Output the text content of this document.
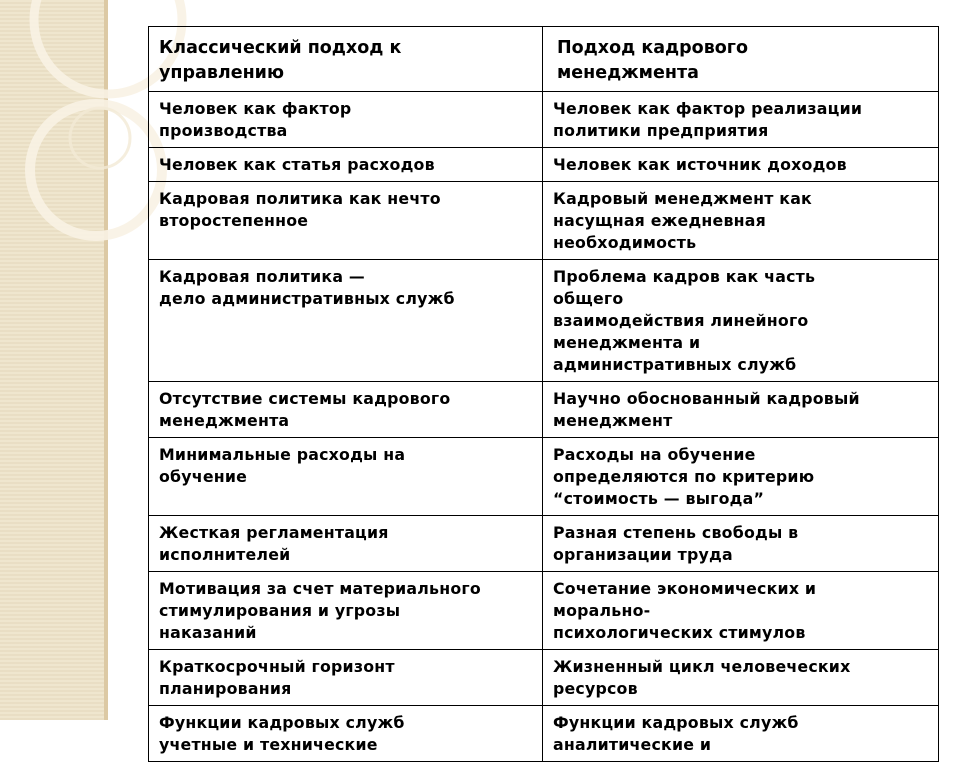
Классический подход к
управлению	Подход кадрового
менеджмента

Человек как фактор
производства	Человек как фактор реализации
политики предприятия

Человек как статья расходов	Человек как источник доходов

Кадровая политика как нечто
второстепенное	Кадровый менеджмент как
насущная ежедневная
необходимость

Кадровая политика —
дело административных служб	Проблема кадров как часть
общего
взаимодействия линейного
менеджмента и
административных служб

Отсутствие системы кадрового
менеджмента	Научно обоснованный кадровый
менеджмент

Минимальные расходы на
обучение	Расходы на обучение
определяются по критерию
“стоимость — выгода”

Жесткая регламентация
исполнителей	Разная степень свободы в
организации труда

Мотивация за счет материального
стимулирования и угрозы
наказаний	Сочетание экономических и
морально-
психологических стимулов

Краткосрочный горизонт
планирования	Жизненный цикл человеческих
ресурсов

Функции кадровых служб
учетные и технические	Функции кадровых служб
аналитические и
